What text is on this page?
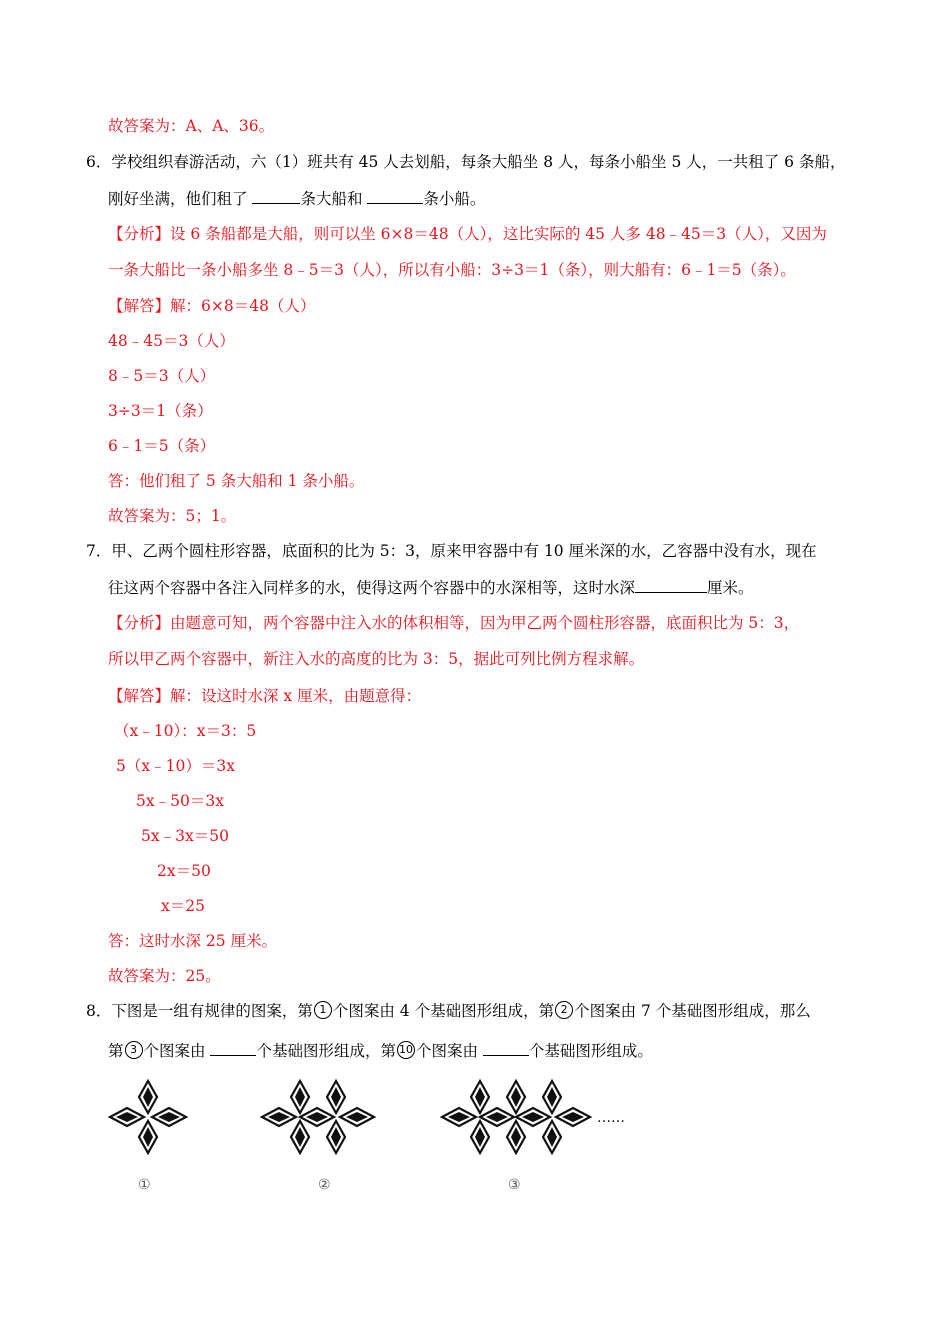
故答案为：A、A、36。
6．学校组织春游活动，六（1）班共有 45 人去划船，每条大船坐 8 人，每条小船坐 5 人，一共租了 6 条船，
刚好坐满，他们租了	条大船和	条小船。
【分析】设 6 条船都是大船，则可以坐 6×8＝48（人），这比实际的 45 人多 48﹣45＝3（人），又因为
一条大船比一条小船多坐 8﹣5＝3（人），所以有小船：3÷3＝1（条），则大船有：6﹣1＝5（条）。
【解答】解：6×8＝48（人）
48﹣45＝3（人）
8﹣5＝3（人）
3÷3＝1（条）
6﹣1＝5（条）
答：他们租了 5 条大船和 1 条小船。
故答案为：5；1。
7．甲、乙两个圆柱形容器，底面积的比为 5：3，原来甲容器中有 10 厘米深的水，乙容器中没有水，现在
往这两个容器中各注入同样多的水，使得这两个容器中的水深相等，这时水深	厘米。
【分析】由题意可知，两个容器中注入水的体积相等，因为甲乙两个圆柱形容器，底面积比为 5：3，
所以甲乙两个容器中，新注入水的高度的比为 3：5，据此可列比例方程求解。
【解答】解：设这时水深 x 厘米，由题意得：
（x﹣10）：x＝3：5
5（x﹣10）＝3x
5x﹣50＝3x
5x﹣3x＝50
2x＝50
x＝25
答：这时水深 25 厘米。
故答案为：25。
8．下图是一组有规律的图案，第 1 个图案由 4 个基础图形组成，第 2 个图案由 7 个基础图形组成，那么
第 3 个图案由	个基础图形组成，第 10 个图案由	个基础图形组成。
……
①	②	③
